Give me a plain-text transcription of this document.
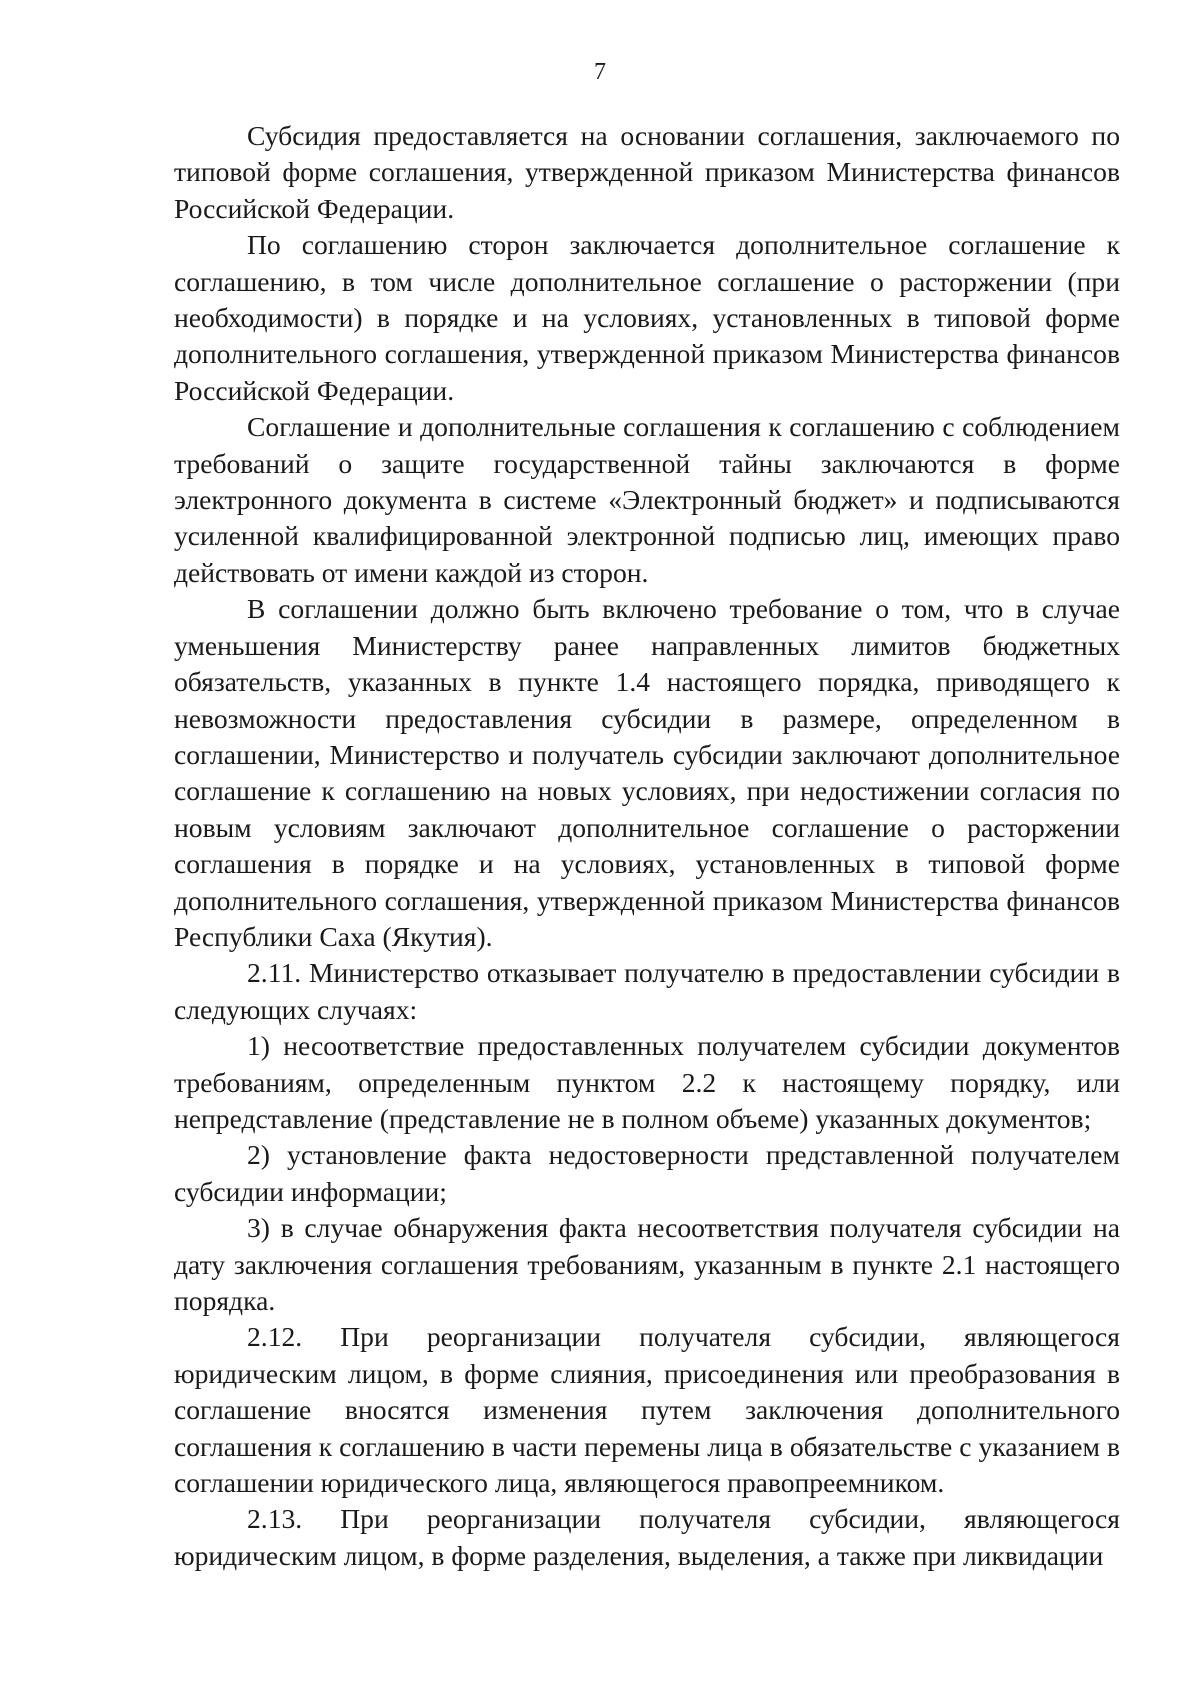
7

Субсидия предоставляется на основании соглашения, заключаемого по типовой форме соглашения, утвержденной приказом Министерства финансов Российской Федерации.

По соглашению сторон заключается дополнительное соглашение к соглашению, в том числе дополнительное соглашение о расторжении (при необходимости) в порядке и на условиях, установленных в типовой форме дополнительного соглашения, утвержденной приказом Министерства финансов Российской Федерации.

Соглашение и дополнительные соглашения к соглашению с соблюдением требований о защите государственной тайны заключаются в форме электронного документа в системе «Электронный бюджет» и подписываются усиленной квалифицированной электронной подписью лиц, имеющих право действовать от имени каждой из сторон.

В соглашении должно быть включено требование о том, что в случае уменьшения Министерству ранее направленных лимитов бюджетных обязательств, указанных в пункте 1.4 настоящего порядка, приводящего к невозможности предоставления субсидии в размере, определенном в соглашении, Министерство и получатель субсидии заключают дополнительное соглашение к соглашению на новых условиях, при недостижении согласия по новым условиям заключают дополнительное соглашение о расторжении соглашения в порядке и на условиях, установленных в типовой форме дополнительного соглашения, утвержденной приказом Министерства финансов Республики Саха (Якутия).

2.11. Министерство отказывает получателю в предоставлении субсидии в следующих случаях:

1) несоответствие предоставленных получателем субсидии документов требованиям, определенным пунктом 2.2 к настоящему порядку, или непредставление (представление не в полном объеме) указанных документов;

2) установление факта недостоверности представленной получателем субсидии информации;

3) в случае обнаружения факта несоответствия получателя субсидии на дату заключения соглашения требованиям, указанным в пункте 2.1 настоящего порядка.

2.12. При реорганизации получателя субсидии, являющегося юридическим лицом, в форме слияния, присоединения или преобразования в соглашение вносятся изменения путем заключения дополнительного соглашения к соглашению в части перемены лица в обязательстве с указанием в соглашении юридического лица, являющегося правопреемником.

2.13. При реорганизации получателя субсидии, являющегося юридическим лицом, в форме разделения, выделения, а также при ликвидации
